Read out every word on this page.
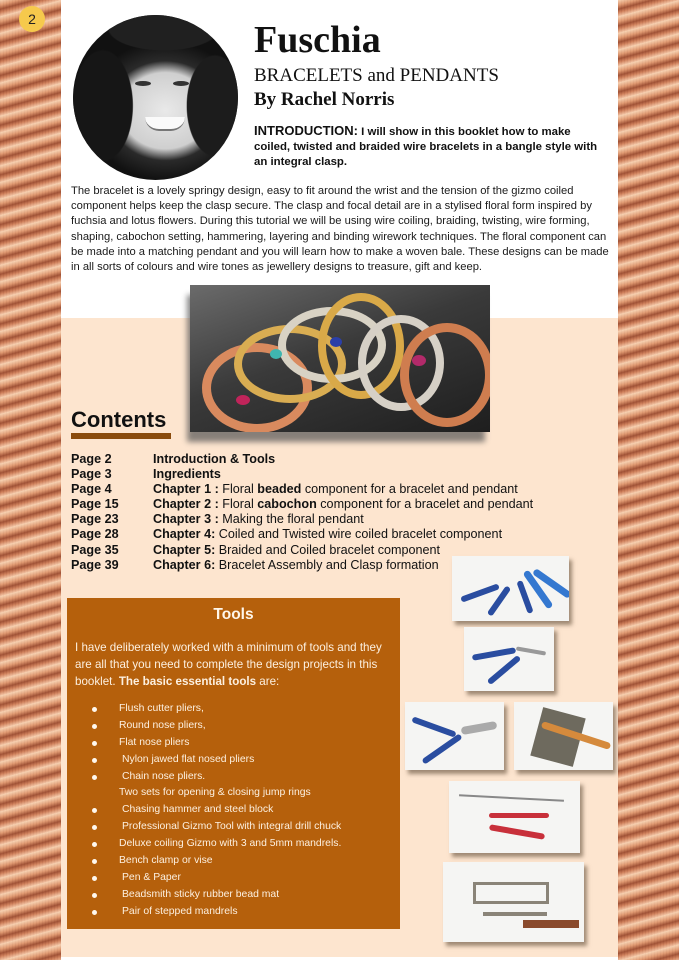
2	Fuschia
BRACELETS and PENDANTS
By Rachel Norris
INTRODUCTION: I will show in this booklet how to make coiled, twisted and braided wire bracelets in a bangle style with an integral clasp.
The bracelet is a lovely springy design, easy to fit around the wrist and the tension of the gizmo coiled component helps keep the clasp secure. The clasp and focal detail are in a stylised floral form inspired by fuchsia and lotus flowers. During this tutorial we will be using wire coiling, braiding, twisting, wire forming, shaping, cabochon setting, hammering, layering and binding wirework techniques. The floral component can be made into a matching pendant and you will learn how to make a woven bale. These designs can be made in all sorts of colours and wire tones as jewellery designs to treasure, gift and keep.
Contents
Page 2	Introduction & Tools
Page 3	Ingredients
Page 4	Chapter 1 : Floral beaded component for a bracelet and pendant
Page 15	Chapter 2 : Floral cabochon component for a bracelet and pendant
Page 23	Chapter 3 : Making the floral pendant
Page 28	Chapter 4: Coiled and Twisted wire coiled bracelet component
Page 35	Chapter 5: Braided and Coiled bracelet component
Page 39	Chapter 6: Bracelet Assembly and Clasp formation
Tools
I have deliberately worked with a minimum of tools and they are all that you need to complete the design projects in this booklet. The basic essential tools are:
Flush cutter pliers,
Round nose pliers,
Flat nose pliers
Nylon jawed flat nosed pliers
Chain nose pliers.
Two sets for opening & closing jump rings
Chasing hammer and steel block
Professional Gizmo Tool with integral drill chuck
Deluxe coiling Gizmo with 3 and 5mm mandrels.
Bench clamp or vise
Pen & Paper
Beadsmith sticky rubber bead mat
Pair of stepped mandrels
